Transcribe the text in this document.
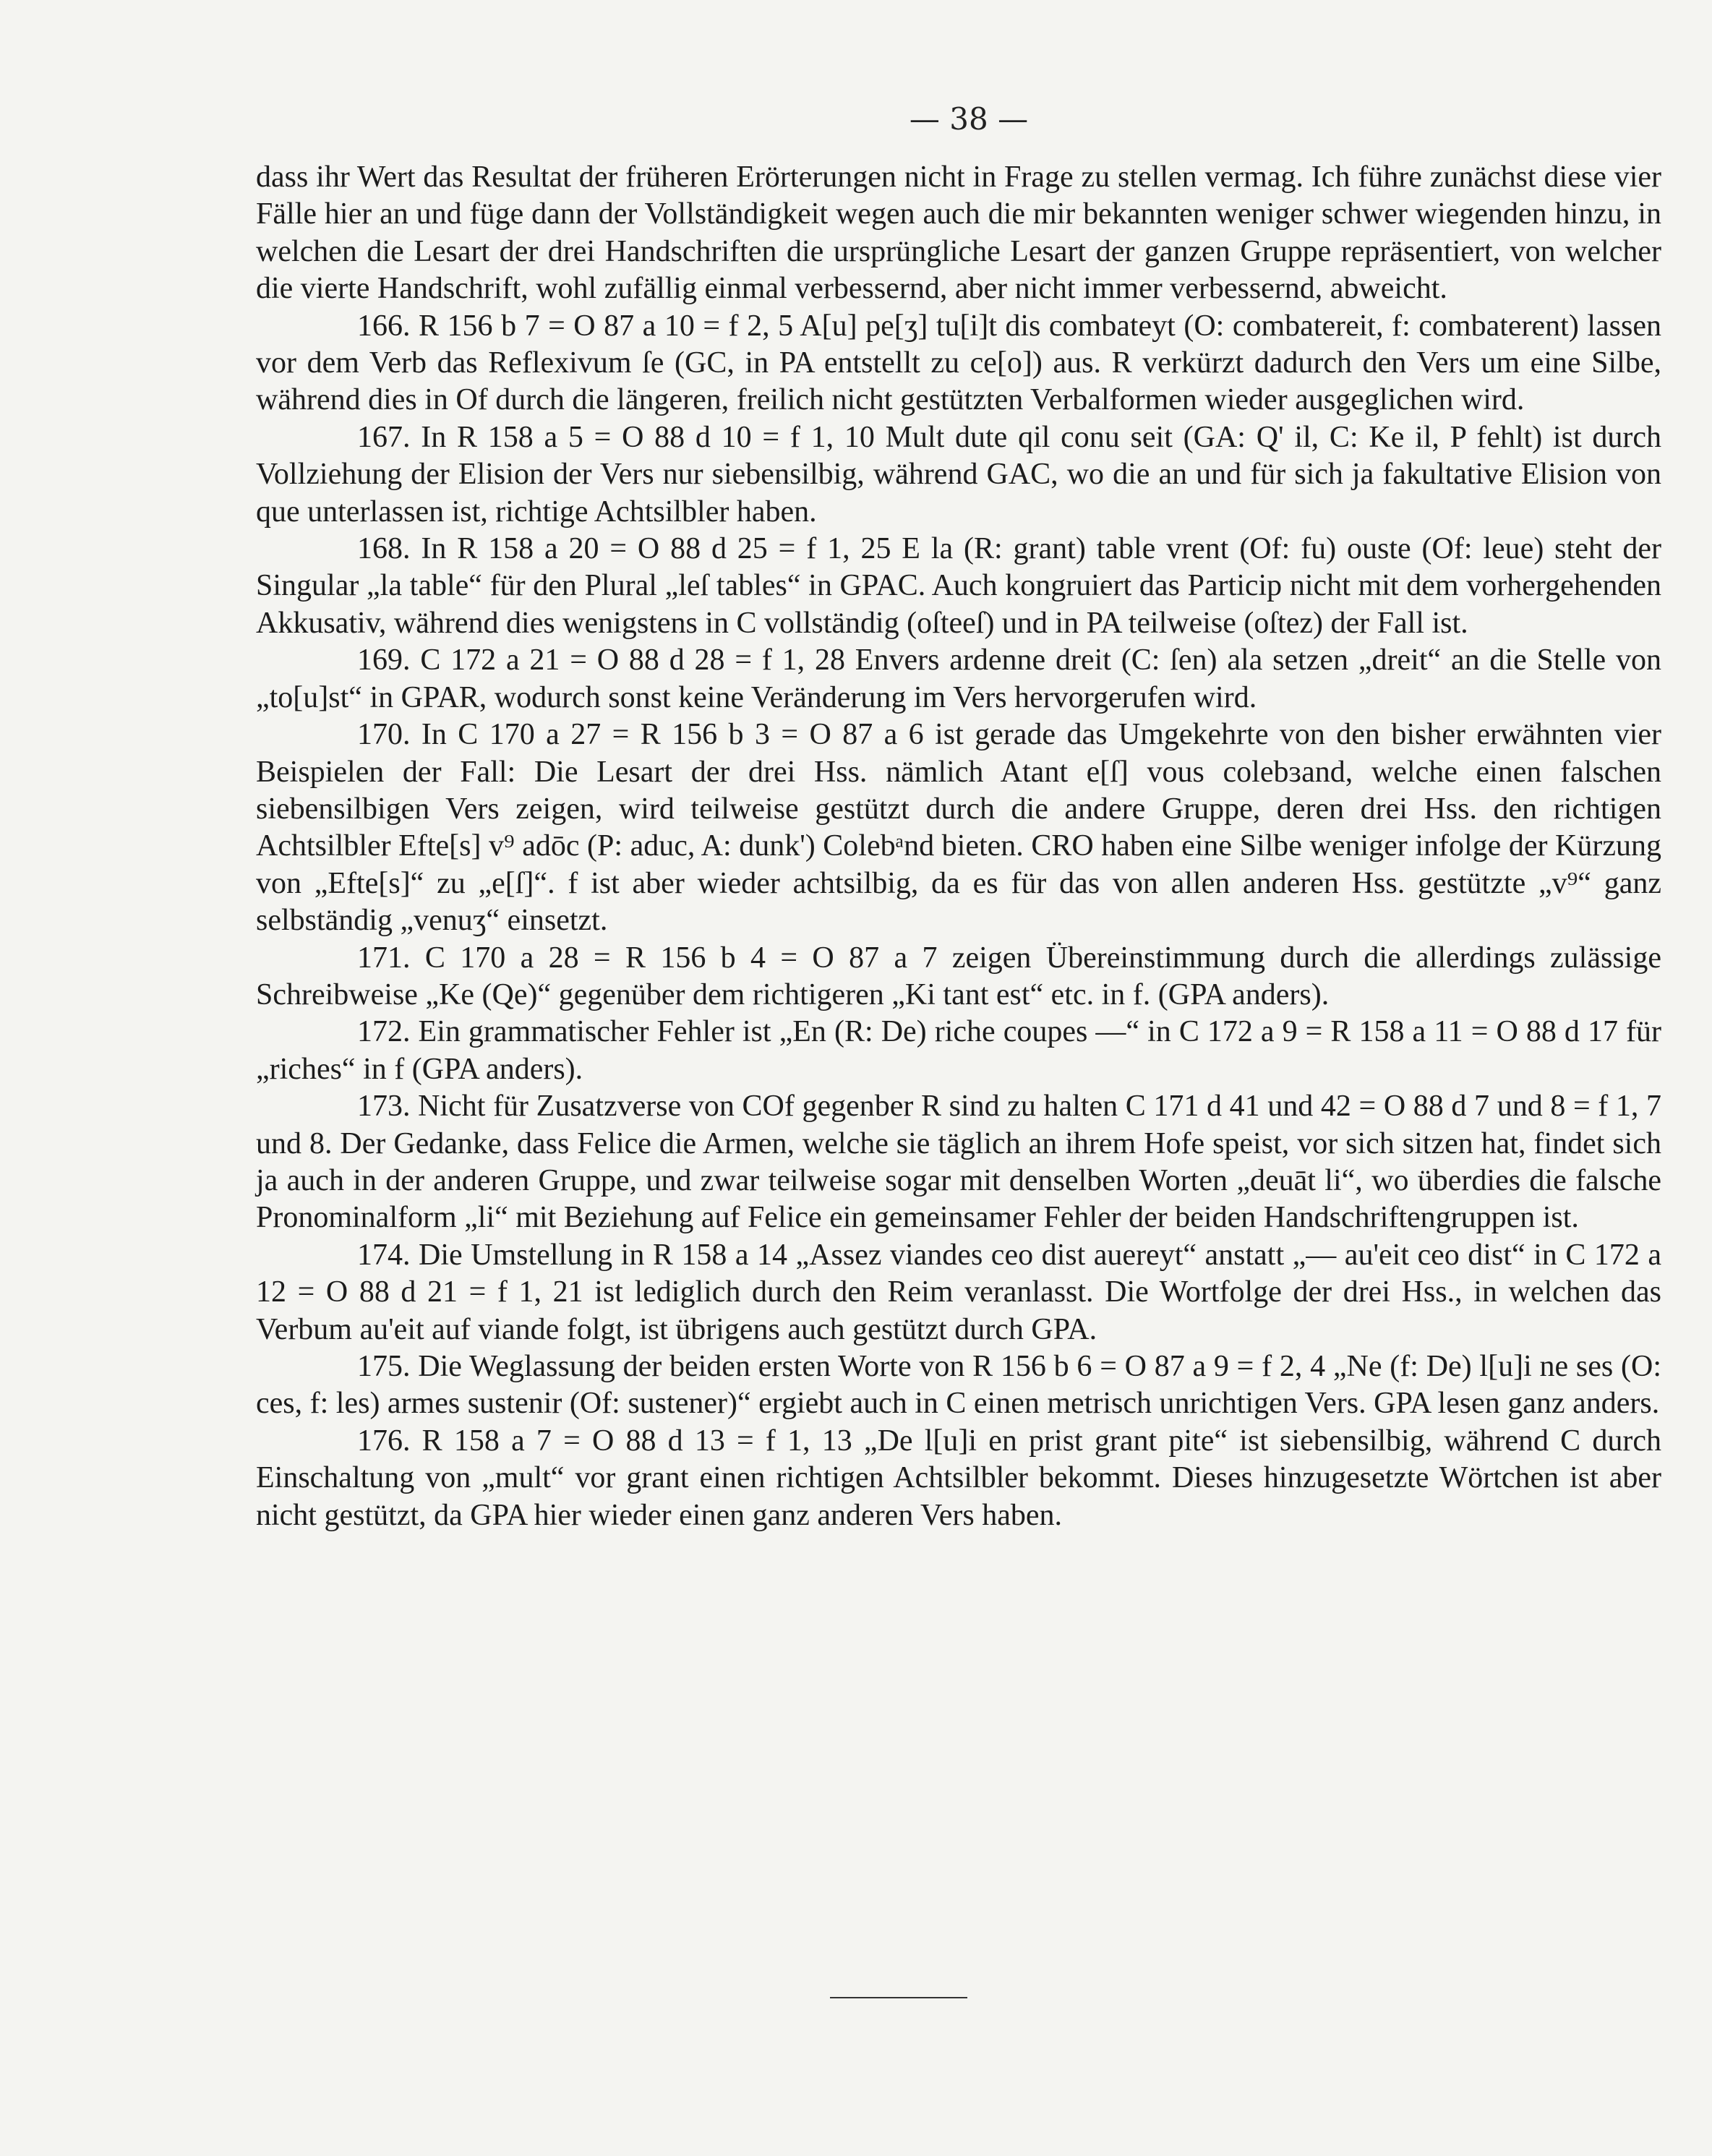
— 38 —

dass ihr Wert das Resultat der früheren Erörterungen nicht in Frage zu stellen vermag. Ich führe zunächst diese vier Fälle hier an und füge dann der Vollständigkeit wegen auch die mir bekannten weniger schwer wiegenden hinzu, in welchen die Lesart der drei Handschriften die ursprüngliche Lesart der ganzen Gruppe repräsentiert, von welcher die vierte Handschrift, wohl zufällig einmal verbessernd, aber nicht immer verbessernd, abweicht.

166. R 156 b 7 = O 87 a 10 = f 2, 5 A[u] pe[ʒ] tu[i]t dis combateyt (O: combatereit, f: combaterent) lassen vor dem Verb das Reflexivum ſe (GC, in PA entstellt zu ce[o]) aus. R verkürzt dadurch den Vers um eine Silbe, während dies in Of durch die längeren, freilich nicht gestützten Verbalformen wieder ausgeglichen wird.

167. In R 158 a 5 = O 88 d 10 = f 1, 10 Mult dute qil conu seit (GA: Q' il, C: Ke il, P fehlt) ist durch Vollziehung der Elision der Vers nur siebensilbig, während GAC, wo die an und für sich ja fakultative Elision von que unterlassen ist, richtige Achtsilbler haben.

168. In R 158 a 20 = O 88 d 25 = f 1, 25 E la (R: grant) table vrent (Of: fu) ouste (Of: leue) steht der Singular „la table“ für den Plural „leſ tables“ in GPAC. Auch kongruiert das Particip nicht mit dem vorhergehenden Akkusativ, während dies wenigstens in C vollständig (oſteeſ) und in PA teilweise (oſtez) der Fall ist.

169. C 172 a 21 = O 88 d 28 = f 1, 28 Envers ardenne dreit (C: ſen) ala setzen „dreit“ an die Stelle von „to[u]st“ in GPAR, wodurch sonst keine Veränderung im Vers hervorgerufen wird.

170. In C 170 a 27 = R 156 b 3 = O 87 a 6 ist gerade das Umgekehrte von den bisher erwähnten vier Beispielen der Fall: Die Lesart der drei Hss. nämlich Atant e[ſ] vous colebɜand, welche einen falschen siebensilbigen Vers zeigen, wird teilweise gestützt durch die andere Gruppe, deren drei Hss. den richtigen Achtsilbler Efte[s] v⁹ adōc (P: aduc, A: dunk') Colebᵃnd bieten. CRO haben eine Silbe weniger infolge der Kürzung von „Efte[s]“ zu „e[ſ]“. f ist aber wieder achtsilbig, da es für das von allen anderen Hss. gestützte „v⁹“ ganz selbständig „venuʒ“ einsetzt.

171. C 170 a 28 = R 156 b 4 = O 87 a 7 zeigen Übereinstimmung durch die allerdings zulässige Schreibweise „Ke (Qe)“ gegenüber dem richtigeren „Ki tant est“ etc. in f. (GPA anders).

172. Ein grammatischer Fehler ist „En (R: De) riche coupes —“ in C 172 a 9 = R 158 a 11 = O 88 d 17 für „riches“ in f (GPA anders).

173. Nicht für Zusatzverse von COf gegenber R sind zu halten C 171 d 41 und 42 = O 88 d 7 und 8 = f 1, 7 und 8. Der Gedanke, dass Felice die Armen, welche sie täglich an ihrem Hofe speist, vor sich sitzen hat, findet sich ja auch in der anderen Gruppe, und zwar teilweise sogar mit denselben Worten „deuāt li“, wo überdies die falsche Pronominalform „li“ mit Beziehung auf Felice ein gemeinsamer Fehler der beiden Handschriftengruppen ist.

174. Die Umstellung in R 158 a 14 „Assez viandes ceo dist auereyt“ anstatt „— au'eit ceo dist“ in C 172 a 12 = O 88 d 21 = f 1, 21 ist lediglich durch den Reim veranlasst. Die Wortfolge der drei Hss., in welchen das Verbum au'eit auf viande folgt, ist übrigens auch gestützt durch GPA.

175. Die Weglassung der beiden ersten Worte von R 156 b 6 = O 87 a 9 = f 2, 4 „Ne (f: De) l[u]i ne ses (O: ces, f: les) armes sustenir (Of: sustener)“ ergiebt auch in C einen metrisch unrichtigen Vers. GPA lesen ganz anders.

176. R 158 a 7 = O 88 d 13 = f 1, 13 „De l[u]i en prist grant pite“ ist siebensilbig, während C durch Einschaltung von „mult“ vor grant einen richtigen Achtsilbler bekommt. Dieses hinzugesetzte Wörtchen ist aber nicht gestützt, da GPA hier wieder einen ganz anderen Vers haben.
